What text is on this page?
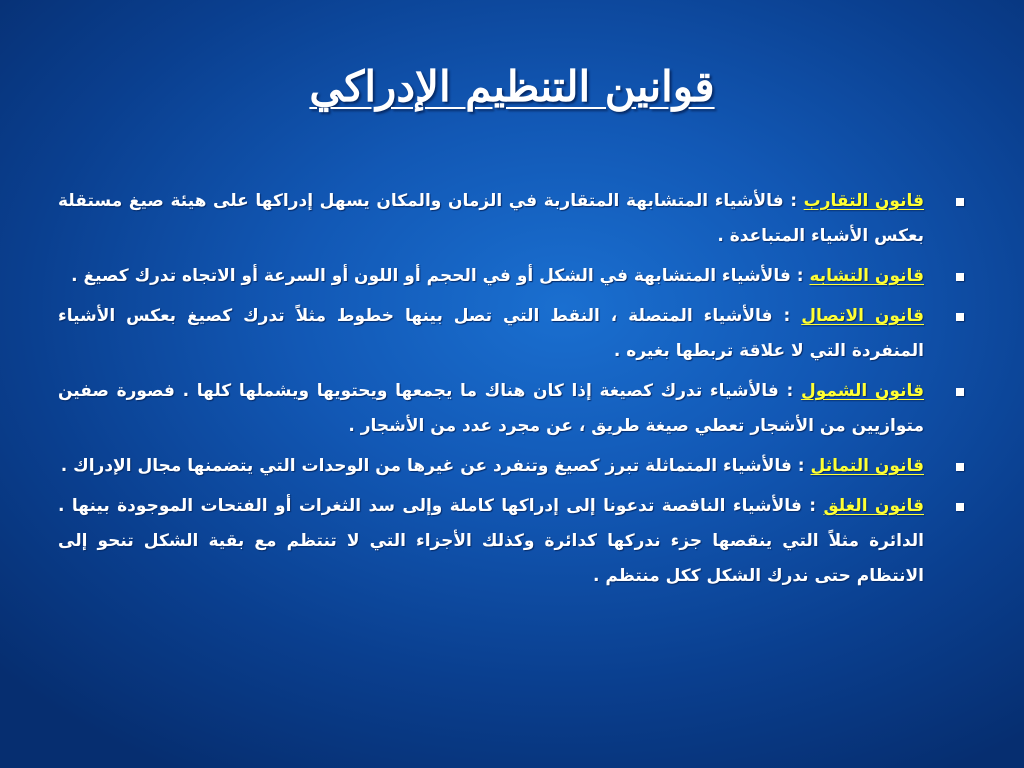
قوانين التنظيم الإدراكي
قانون التقارب : فالأشياء المتشابهة المتقاربة في الزمان والمكان يسهل إدراكها على هيئة صيغ مستقلة بعكس الأشياء المتباعدة .
قانون التشابه : فالأشياء المتشابهة في الشكل أو في الحجم أو اللون أو السرعة أو الاتجاه تدرك كصيغ .
قانون الاتصال : فالأشياء المتصلة ، النقط التي تصل بينها خطوط مثلاً تدرك كصيغ بعكس الأشياء المنفردة التي لا علاقة تربطها بغيره .
قانون الشمول : فالأشياء تدرك كصيغة إذا كان هناك ما يجمعها ويحتويها ويشملها كلها . فصورة صفين متوازيين من الأشجار تعطي صيغة طريق ، عن مجرد عدد من الأشجار .
قانون التماثل : فالأشياء المتماثلة تبرز كصيغ وتنفرد عن غيرها من الوحدات التي يتضمنها مجال الإدراك .
قانون الغلق : فالأشياء الناقصة تدعونا إلى إدراكها كاملة وإلى سد الثغرات أو الفتحات الموجودة بينها . الدائرة مثلاً التي ينقصها جزء ندركها كدائرة وكذلك الأجزاء التي لا تنتظم مع بقية الشكل تنحو إلى الانتظام حتى ندرك الشكل ككل منتظم .
